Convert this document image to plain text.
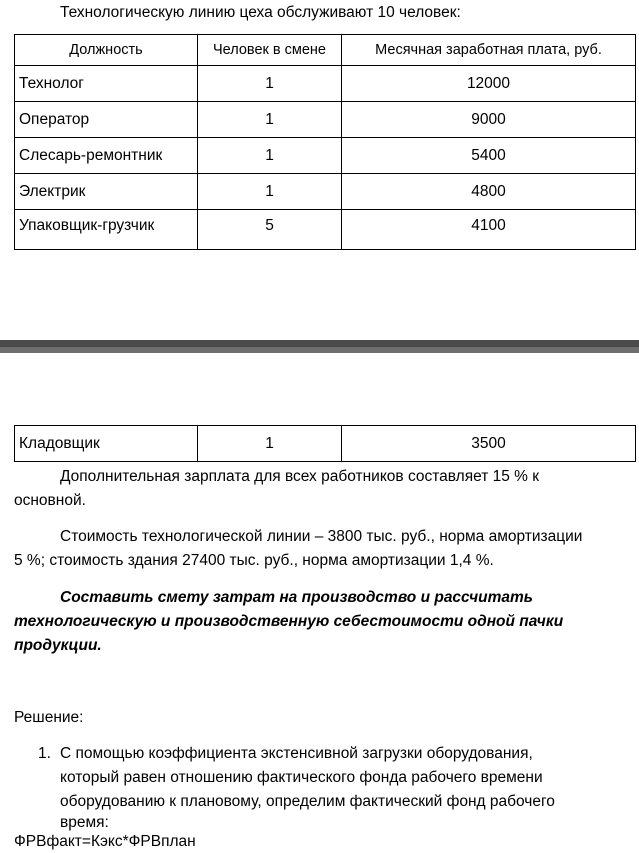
Технологическую линию цеха обслуживают 10 человек:
Должность	Человек в смене	Месячная заработная плата, руб.
Технолог	1	12000
Оператор	1	9000
Слесарь-ремонтник	1	5400
Электрик	1	4800
Упаковщик-грузчик	5	4100
Кладовщик	1	3500
Дополнительная зарплата для всех работников составляет 15 % к
основной.
Стоимость технологической линии – 3800 тыс. руб., норма амортизации
5 %; стоимость здания 27400 тыс. руб., норма амортизации 1,4 %.
Составить смету затрат на производство и рассчитать
технологическую и производственную себестоимости одной пачки
продукции.
Решение:
1. С помощью коэффициента экстенсивной загрузки оборудования,
который равен отношению фактического фонда рабочего времени
оборудованию к плановому, определим фактический фонд рабочего
время:
ФРВфакт=Кэкс*ФРВплан
